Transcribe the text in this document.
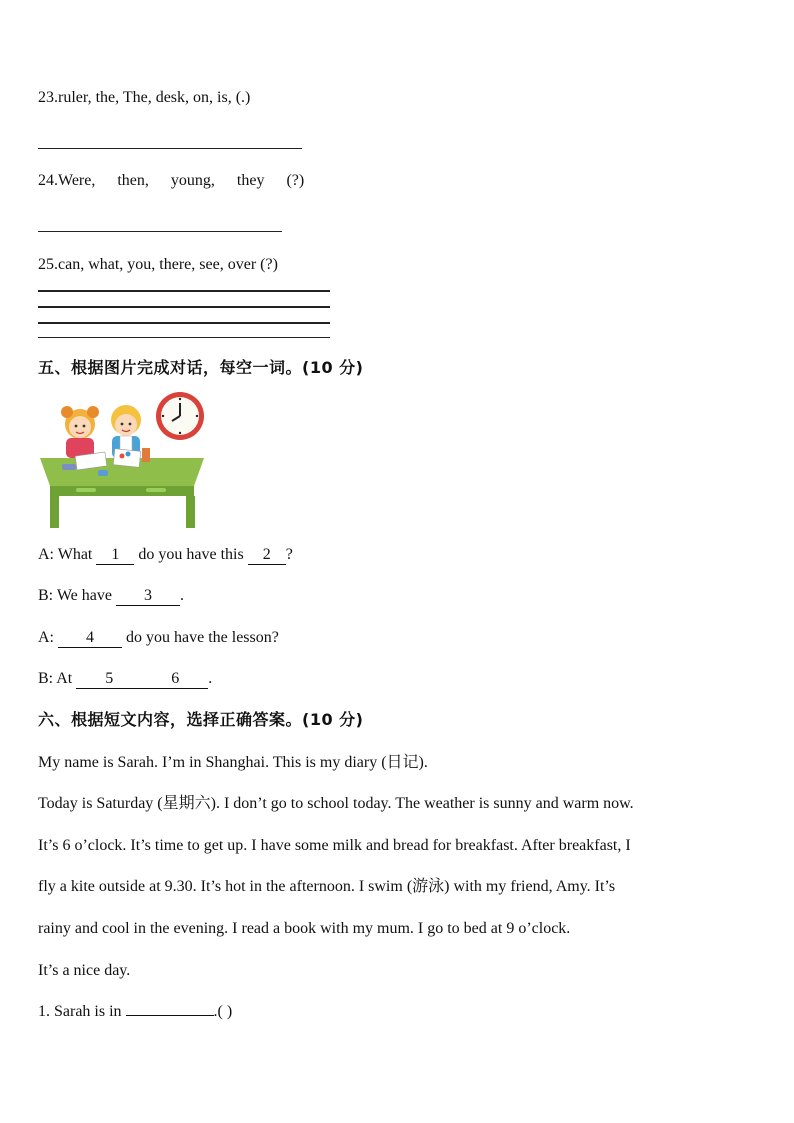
23.ruler, the, The, desk, on, is, (.)
24.Were, then, young, they (?)
25.can, what, you, there, see, over (?)
五、根据图片完成对话，每空一词。(10 分)
A: What 1 do you have this 2 ?
B: We have 3 .
A: 4 do you have the lesson?
B: At 5	6 .
六、根据短文内容，选择正确答案。(10 分)
My name is Sarah. I’m in Shanghai. This is my diary (日记).
Today is Saturday (星期六). I don’t go to school today. The weather is sunny and warm now.
It’s 6 o’clock. It’s time to get up. I have some milk and bread for breakfast. After breakfast, I
fly a kite outside at 9.30. It’s hot in the afternoon. I swim (游泳) with my friend, Amy. It’s
rainy and cool in the evening. I read a book with my mum. I go to bed at 9 o’clock.
It’s a nice day.
1. Sarah is in	.( )
